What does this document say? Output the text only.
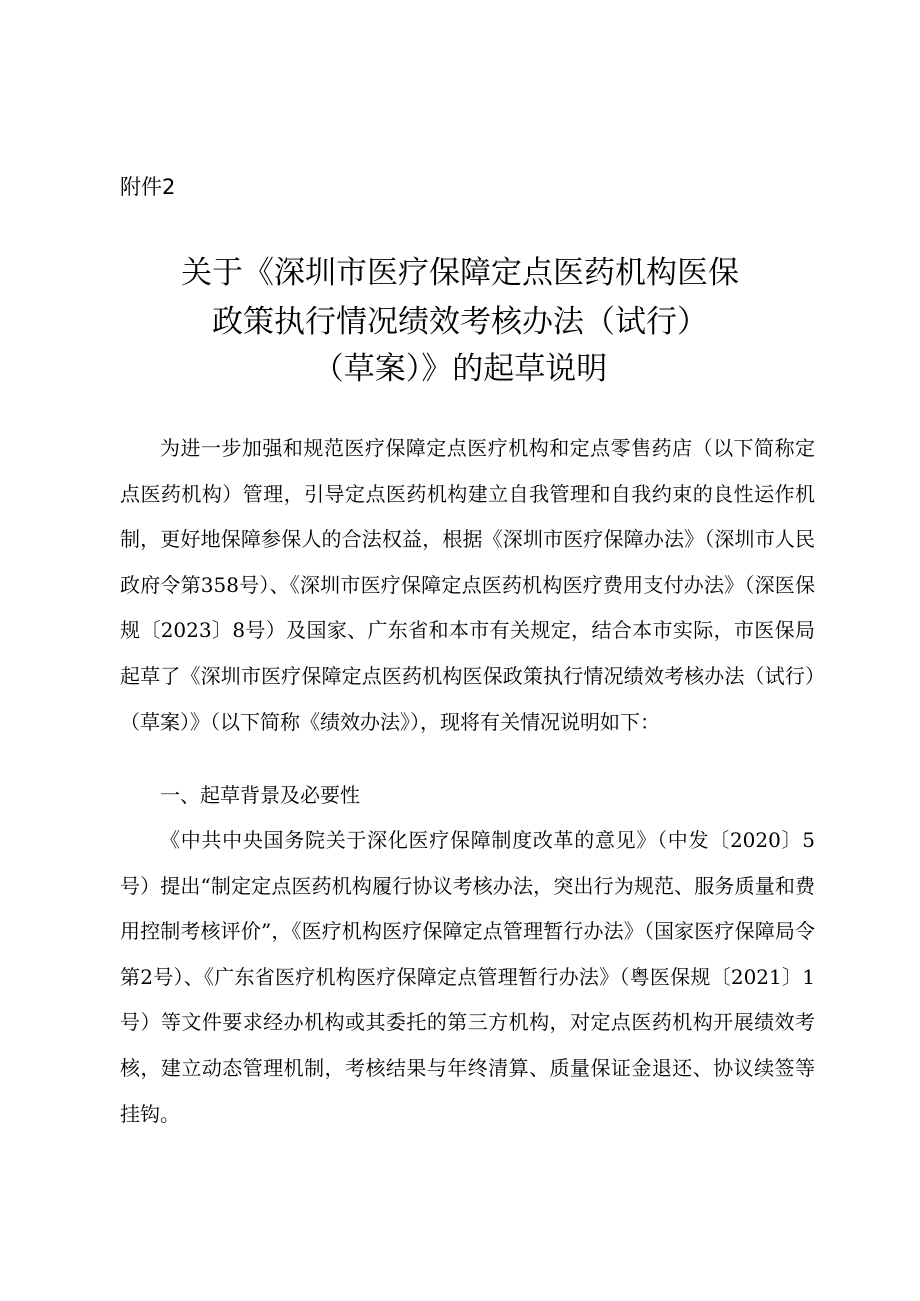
附件2
关于《深圳市医疗保障定点医药机构医保
政策执行情况绩效考核办法（试行）
（草案）》的起草说明
为进一步加强和规范医疗保障定点医疗机构和定点零售药店（以下简称定点医药机构）管理，引导定点医药机构建立自我管理和自我约束的良性运作机制，更好地保障参保人的合法权益，根据《深圳市医疗保障办法》（深圳市人民政府令第358号）、《深圳市医疗保障定点医药机构医疗费用支付办法》（深医保规〔2023〕8号）及国家、广东省和本市有关规定，结合本市实际，市医保局起草了《深圳市医疗保障定点医药机构医保政策执行情况绩效考核办法（试行）（草案）》（以下简称《绩效办法》），现将有关情况说明如下：
一、起草背景及必要性
《中共中央国务院关于深化医疗保障制度改革的意见》（中发〔2020〕5号）提出“制定定点医药机构履行协议考核办法，突出行为规范、服务质量和费用控制考核评价”，《医疗机构医疗保障定点管理暂行办法》（国家医疗保障局令第2号）、《广东省医疗机构医疗保障定点管理暂行办法》（粤医保规〔2021〕1号）等文件要求经办机构或其委托的第三方机构，对定点医药机构开展绩效考核，建立动态管理机制，考核结果与年终清算、质量保证金退还、协议续签等挂钩。
